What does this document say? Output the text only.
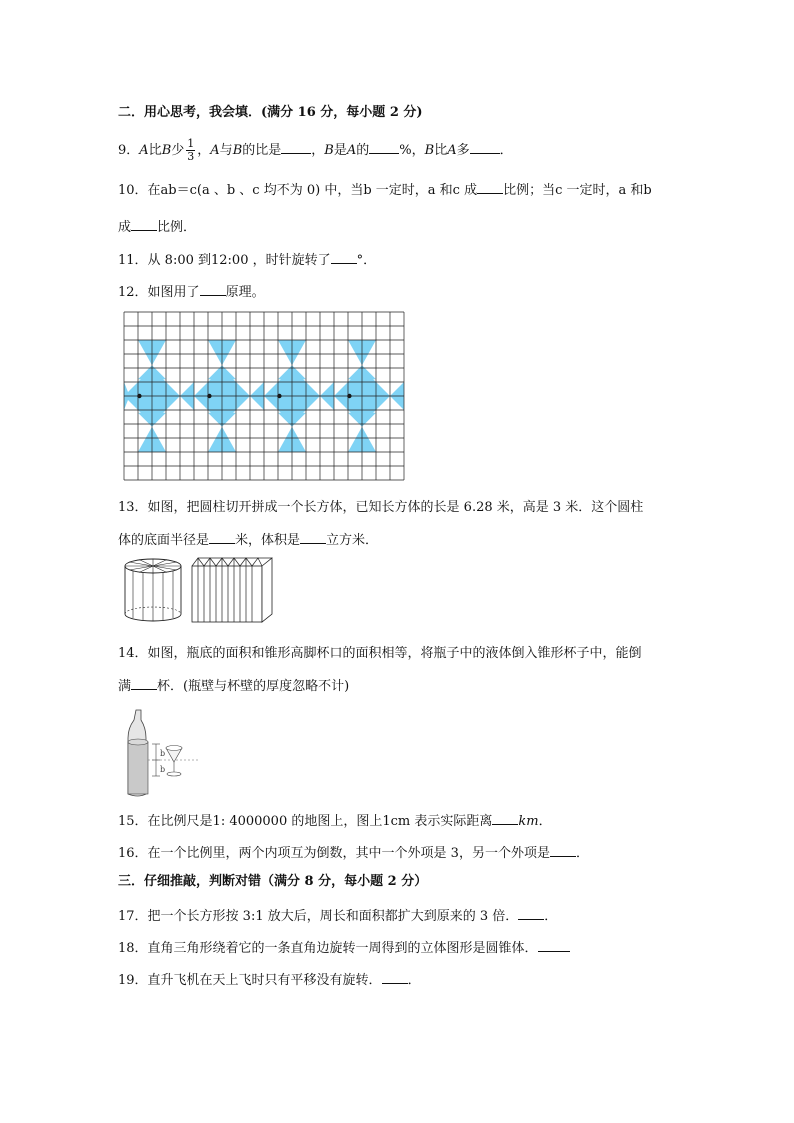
二．用心思考，我会填．(满分 16 分，每小题 2 分)
9．A比B少 $\frac{1}{3}$ ，A与B的比是 ，B是A的 %，B比A多 ．
10．在ab＝c(a 、b 、c 均不为 0) 中，当b 一定时，a 和c 成 比例；当c 一定时，a 和b
成 比例．
11．从 8:00 到12:00 ，时针旋转了 °．
12．如图用了 原理。
13．如图，把圆柱切开拼成一个长方体，已知长方体的长是 6.28 米，高是 3 米．这个圆柱
体的底面半径是 米，体积是 立方米．
14．如图，瓶底的面积和锥形高脚杯口的面积相等，将瓶子中的液体倒入锥形杯子中，能倒
满 杯．(瓶壁与杯壁的厚度忽略不计)
b
b
15．在比例尺是1: 4000000 的地图上，图上1cm 表示实际距离 km．
16．在一个比例里，两个内项互为倒数，其中一个外项是 3，另一个外项是 ．
三．仔细推敲，判断对错（满分 8 分，每小题 2 分）
17．把一个长方形按 3:1 放大后，周长和面积都扩大到原来的 3 倍． ．
18．直角三角形绕着它的一条直角边旋转一周得到的立体图形是圆锥体．
19．直升飞机在天上飞时只有平移没有旋转． ．
